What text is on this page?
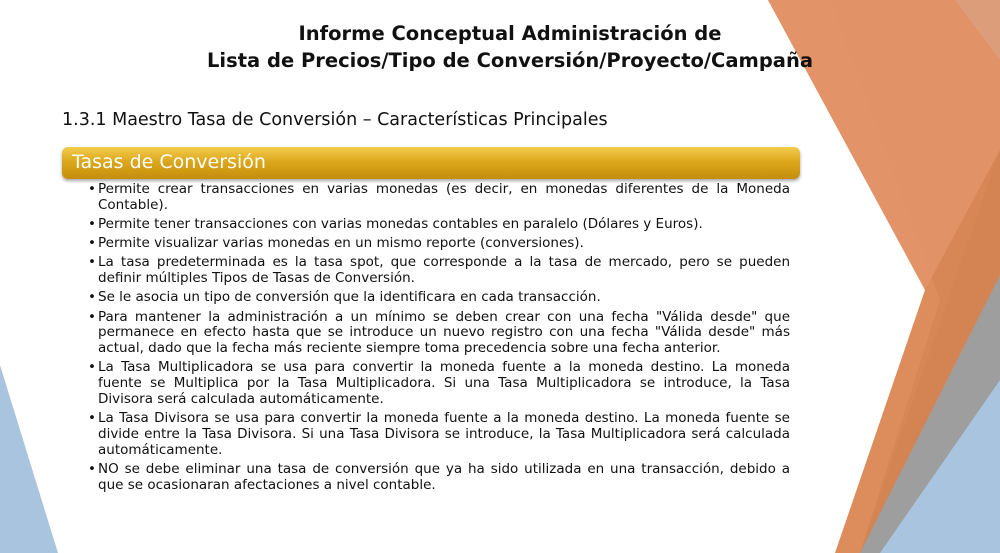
Informe Conceptual Administración de
Lista de Precios/Tipo de Conversión/Proyecto/Campaña
1.3.1 Maestro Tasa de Conversión – Características Principales
Tasas de Conversión
• Permite crear transacciones en varias monedas (es decir, en monedas diferentes de la Moneda Contable).
• Permite tener transacciones con varias monedas contables en paralelo (Dólares y Euros).
• Permite visualizar varias monedas en un mismo reporte (conversiones).
• La tasa predeterminada es la tasa spot, que corresponde a la tasa de mercado, pero se pueden definir múltiples Tipos de Tasas de Conversión.
• Se le asocia un tipo de conversión que la identificara en cada transacción.
• Para mantener la administración a un mínimo se deben crear con una fecha "Válida desde" que permanece en efecto hasta que se introduce un nuevo registro con una fecha "Válida desde" más actual, dado que la fecha más reciente siempre toma precedencia sobre una fecha anterior.
• La Tasa Multiplicadora se usa para convertir la moneda fuente a la moneda destino. La moneda fuente se Multiplica por la Tasa Multiplicadora. Si una Tasa Multiplicadora se introduce, la Tasa Divisora será calculada automáticamente.
• La Tasa Divisora se usa para convertir la moneda fuente a la moneda destino. La moneda fuente se divide entre la Tasa Divisora. Si una Tasa Divisora se introduce, la Tasa Multiplicadora será calculada automáticamente.
• NO se debe eliminar una tasa de conversión que ya ha sido utilizada en una transacción, debido a que se ocasionaran afectaciones a nivel contable.
